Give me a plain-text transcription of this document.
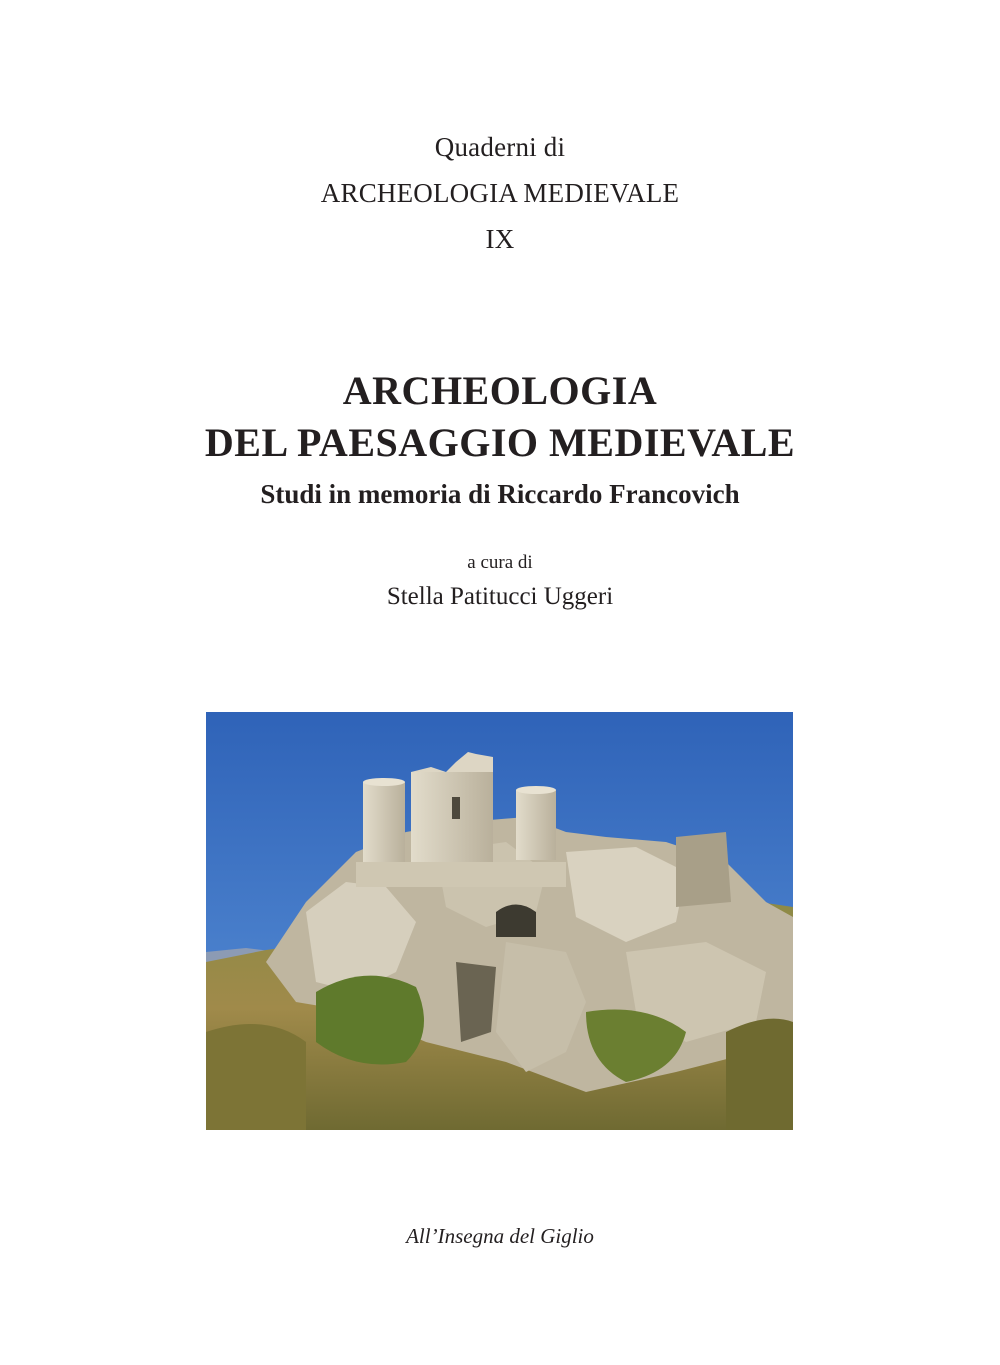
Quaderni di
ARCHEOLOGIA MEDIEVALE
IX
ARCHEOLOGIA
DEL PAESAGGIO MEDIEVALE
Studi in memoria di Riccardo Francovich
a cura di
Stella Patitucci Uggeri
All’Insegna del Giglio
